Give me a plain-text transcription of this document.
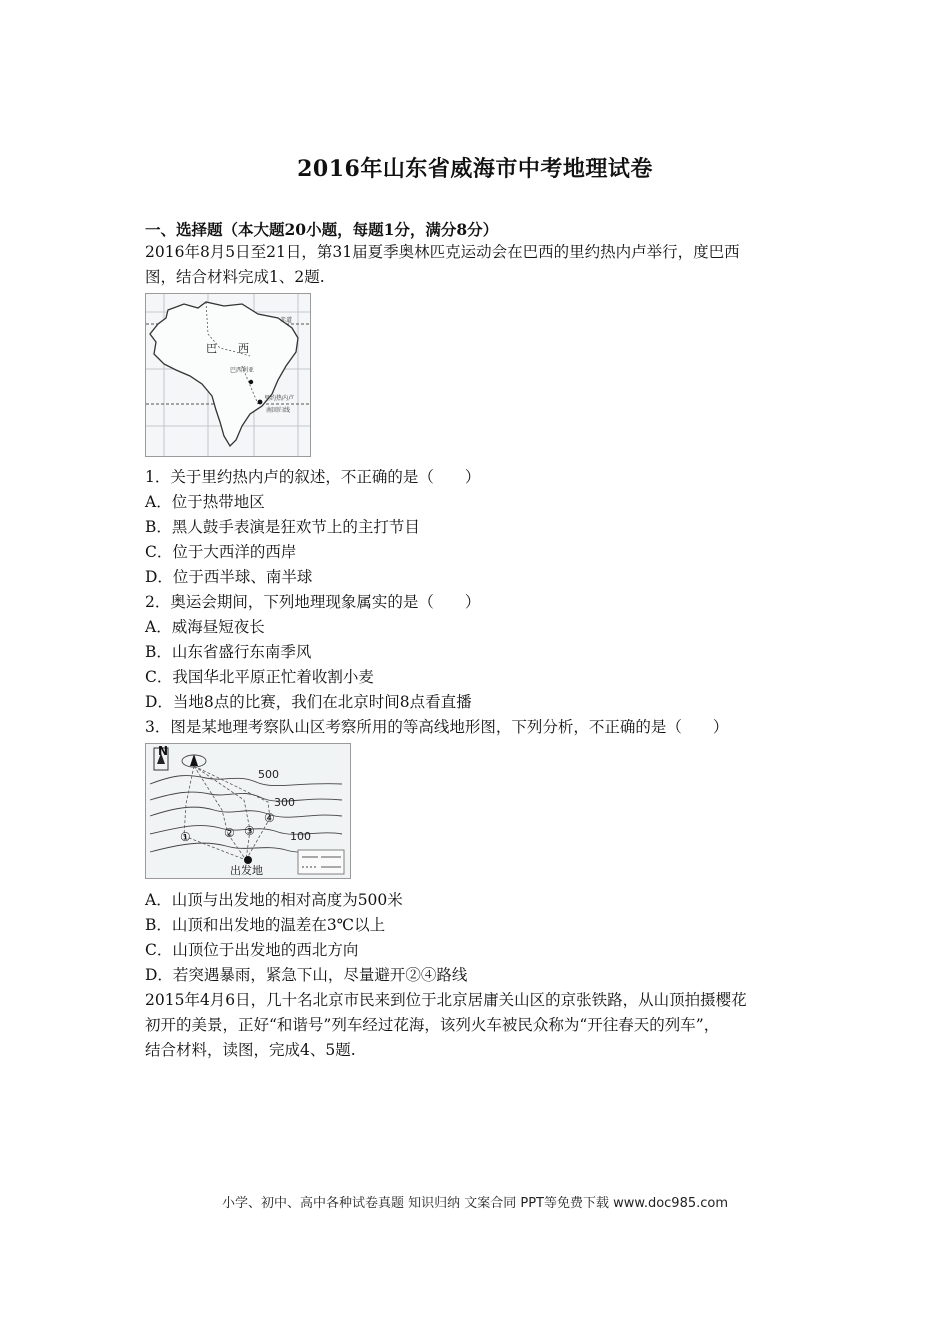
2016年山东省威海市中考地理试卷
一、选择题（本大题20小题，每题1分，满分8分）
2016年8月5日至21日，第31届夏季奥林匹克运动会在巴西的里约热内卢举行，度巴西
图，结合材料完成1、2题.
巴 西
赤道
巴西利亚
里约热内卢
南回归线
1．关于里约热内卢的叙述，不正确的是（　　）
A．位于热带地区
B．黑人鼓手表演是狂欢节上的主打节目
C．位于大西洋的西岸
D．位于西半球、南半球
2．奥运会期间，下列地理现象属实的是（　　）
A．威海昼短夜长
B．山东省盛行东南季风
C．我国华北平原正忙着收割小麦
D．当地8点的比赛，我们在北京时间8点看直播
3．图是某地理考察队山区考察所用的等高线地形图，下列分析，不正确的是（　　）
N
500
300
100
①	② ③
④
出发地
A．山顶与出发地的相对高度为500米
B．山顶和出发地的温差在3℃以上
C．山顶位于出发地的西北方向
D．若突遇暴雨，紧急下山，尽量避开②④路线
2015年4月6日，几十名北京市民来到位于北京居庸关山区的京张铁路，从山顶拍摄樱花
初开的美景，正好“和谐号”列车经过花海，该列火车被民众称为“开往春天的列车”，
结合材料，读图，完成4、5题.
小学、初中、高中各种试卷真题 知识归纳 文案合同 PPT等免费下载 www.doc985.com
